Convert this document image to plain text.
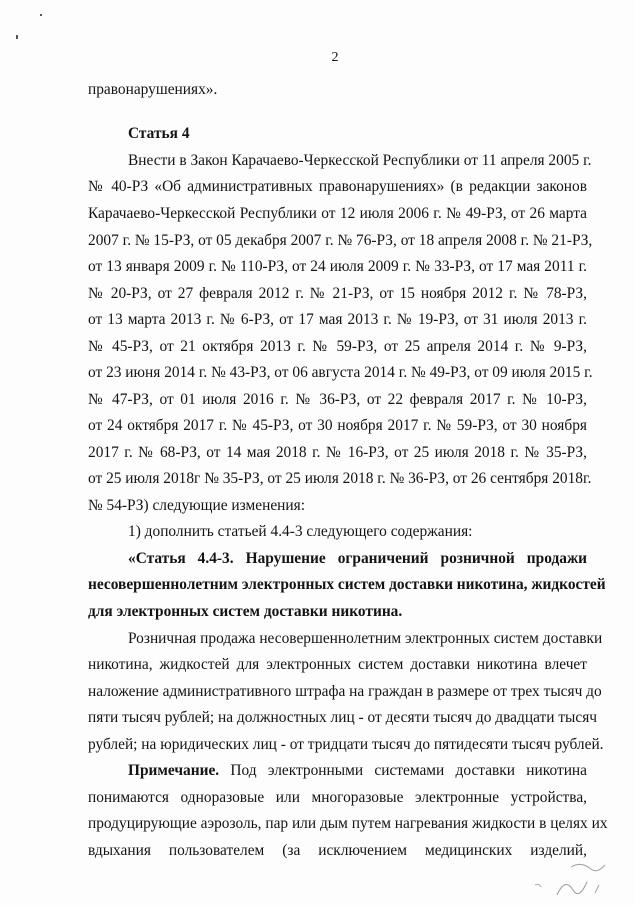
2
правонарушениях».
Статья 4
Внести в Закон Карачаево-Черкесской Республики от 11 апреля 2005 г.
№ 40-РЗ «Об административных правонарушениях» (в редакции законов
Карачаево-Черкесской Республики от 12 июля 2006 г. № 49-РЗ, от 26 марта
2007 г. № 15-РЗ, от 05 декабря 2007 г. № 76-РЗ, от 18 апреля 2008 г. № 21-РЗ,
от 13 января 2009 г. № 110-РЗ, от 24 июля 2009 г. № 33-РЗ, от 17 мая 2011 г.
№ 20-РЗ, от 27 февраля 2012 г. № 21-РЗ, от 15 ноября 2012 г. № 78-РЗ,
от 13 марта 2013 г. № 6-РЗ, от 17 мая 2013 г. № 19-РЗ, от 31 июля 2013 г.
№ 45-РЗ, от 21 октября 2013 г. № 59-РЗ, от 25 апреля 2014 г. № 9-РЗ,
от 23 июня 2014 г. № 43-РЗ, от 06 августа 2014 г. № 49-РЗ, от 09 июля 2015 г.
№ 47-РЗ, от 01 июля 2016 г. № 36-РЗ, от 22 февраля 2017 г. № 10-РЗ,
от 24 октября 2017 г. № 45-РЗ, от 30 ноября 2017 г. № 59-РЗ, от 30 ноября
2017 г. № 68-РЗ, от 14 мая 2018 г. № 16-РЗ, от 25 июля 2018 г. № 35-РЗ,
от 25 июля 2018г № 35-РЗ, от 25 июля 2018 г. № 36-РЗ, от 26 сентября 2018г.
№ 54-РЗ) следующие изменения:
1) дополнить статьей 4.4-3 следующего содержания:
«Статья 4.4-3. Нарушение ограничений розничной продажи
несовершеннолетним электронных систем доставки никотина, жидкостей
для электронных систем доставки никотина.
Розничная продажа несовершеннолетним электронных систем доставки
никотина, жидкостей для электронных систем доставки никотина влечет
наложение административного штрафа на граждан в размере от трех тысяч до
пяти тысяч рублей; на должностных лиц - от десяти тысяч до двадцати тысяч
рублей; на юридических лиц - от тридцати тысяч до пятидесяти тысяч рублей.
Примечание. Под электронными системами доставки никотина
понимаются одноразовые или многоразовые электронные устройства,
продуцирующие аэрозоль, пар или дым путем нагревания жидкости в целях их
вдыхания пользователем (за исключением медицинских изделий,
